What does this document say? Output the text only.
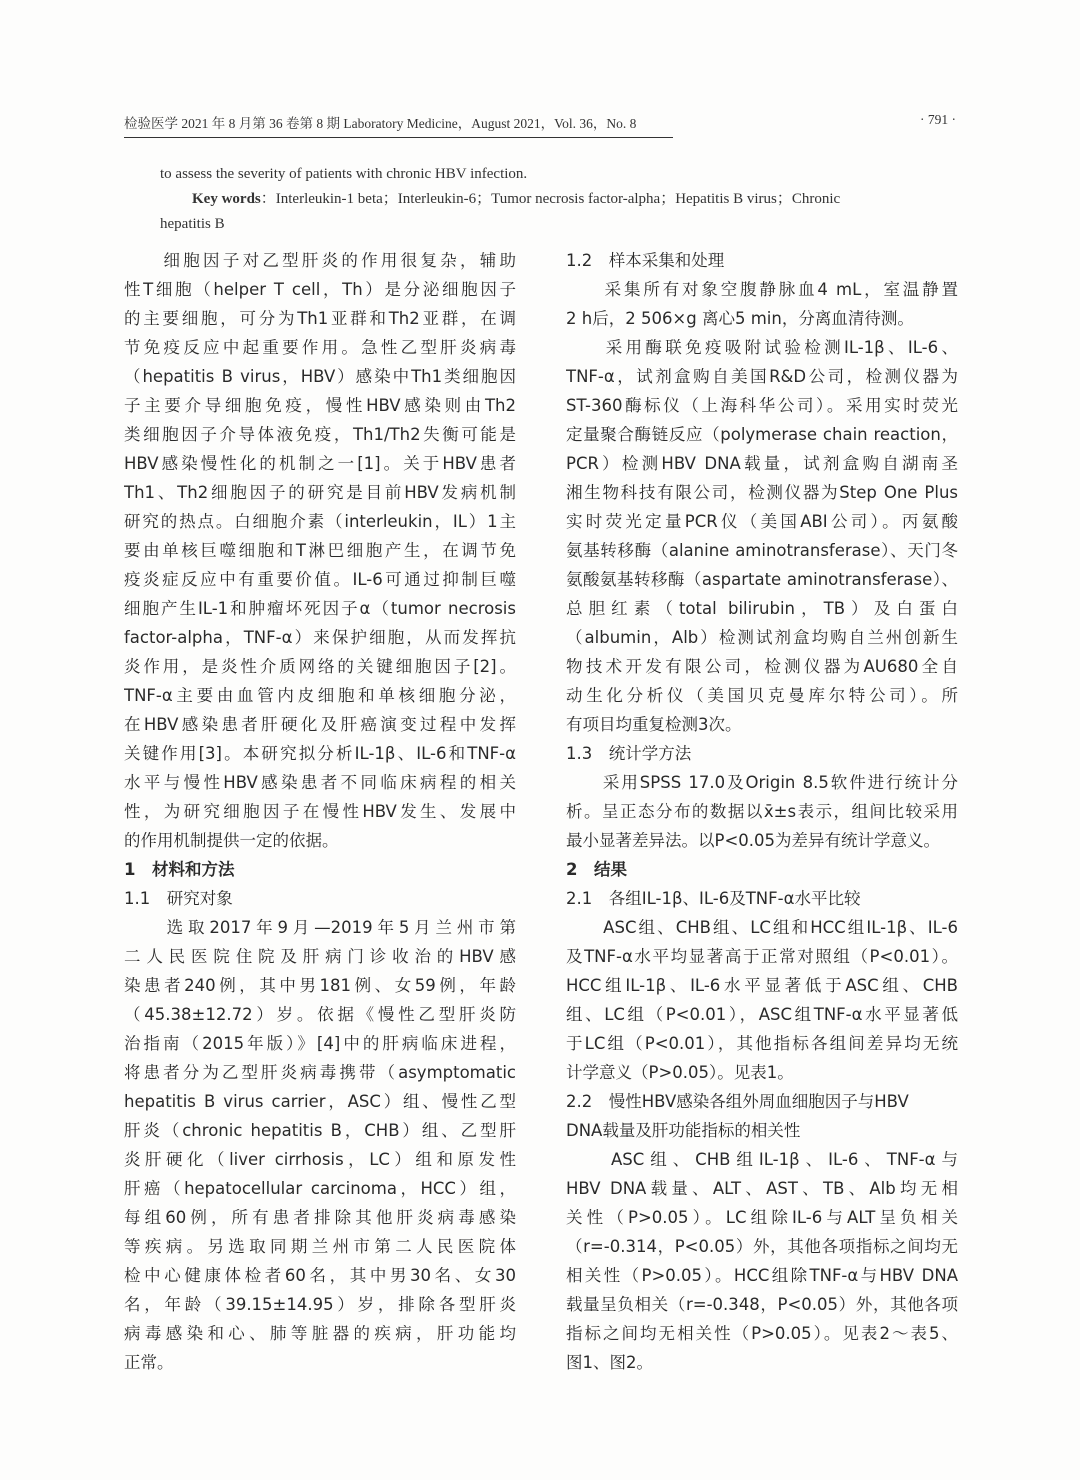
检验医学 2021 年 8 月第 36 卷第 8 期 Laboratory Medicine，August 2021，Vol. 36，No. 8	· 791 ·
to assess the severity of patients with chronic HBV infection.
Key words：Interleukin-1 beta；Interleukin-6；Tumor necrosis factor-alpha；Hepatitis B virus；Chronic
hepatitis B
　　细胞因子对乙型肝炎的作用很复杂，辅助
性T细胞（helper T cell，Th）是分泌细胞因子
的主要细胞，可分为Th1亚群和Th2亚群，在调
节免疫反应中起重要作用。急性乙型肝炎病毒
（hepatitis B virus，HBV）感染中Th1类细胞因
子主要介导细胞免疫，慢性HBV感染则由Th2
类细胞因子介导体液免疫，Th1/Th2失衡可能是
HBV感染慢性化的机制之一[1]。关于HBV患者
Th1、Th2细胞因子的研究是目前HBV发病机制
研究的热点。白细胞介素（interleukin，IL）1主
要由单核巨噬细胞和T淋巴细胞产生，在调节免
疫炎症反应中有重要价值。IL-6可通过抑制巨噬
细胞产生IL-1和肿瘤坏死因子α（tumor necrosis
factor-alpha，TNF-α）来保护细胞，从而发挥抗
炎作用，是炎性介质网络的关键细胞因子[2]。
TNF-α主要由血管内皮细胞和单核细胞分泌，
在HBV感染患者肝硬化及肝癌演变过程中发挥
关键作用[3]。本研究拟分析IL-1β、IL-6和TNF-α
水平与慢性HBV感染患者不同临床病程的相关
性，为研究细胞因子在慢性HBV发生、发展中
的作用机制提供一定的依据。
1　材料和方法
1.1　研究对象
　　选取2017年9月—2019年5月兰州市第
二人民医院住院及肝病门诊收治的HBV感
染患者240例，其中男181例、女59例，年龄
（45.38±12.72）岁。依据《慢性乙型肝炎防
治指南（2015年版）》[4]中的肝病临床进程，
将患者分为乙型肝炎病毒携带（asymptomatic
hepatitis B virus carrier，ASC）组、慢性乙型
肝炎（chronic hepatitis B，CHB）组、乙型肝
炎肝硬化（liver cirrhosis，LC）组和原发性
肝癌（hepatocellular carcinoma，HCC）组，
每组60例，所有患者排除其他肝炎病毒感染
等疾病。另选取同期兰州市第二人民医院体
检中心健康体检者60名，其中男30名、女30
名，年龄（39.15±14.95）岁，排除各型肝炎
病毒感染和心、肺等脏器的疾病，肝功能均
正常。
1.2　样本采集和处理
　　采集所有对象空腹静脉血4 mL，室温静置
2 h后，2 506×g 离心5 min，分离血清待测。
　　采用酶联免疫吸附试验检测IL-1β、IL-6、
TNF-α，试剂盒购自美国R&D公司，检测仪器为
ST-360酶标仪（上海科华公司）。采用实时荧光
定量聚合酶链反应（polymerase chain reaction，
PCR）检测HBV DNA载量，试剂盒购自湖南圣
湘生物科技有限公司，检测仪器为Step One Plus
实时荧光定量PCR仪（美国ABI公司）。丙氨酸
氨基转移酶（alanine aminotransferase）、天门冬
氨酸氨基转移酶（aspartate aminotransferase）、
总胆红素（total bilirubin，TB）及白蛋白
（albumin，Alb）检测试剂盒均购自兰州创新生
物技术开发有限公司，检测仪器为AU680全自
动生化分析仪（美国贝克曼库尔特公司）。所
有项目均重复检测3次。
1.3　统计学方法
　　采用SPSS 17.0及Origin 8.5软件进行统计分
析。呈正态分布的数据以x̄±s表示，组间比较采用
最小显著差异法。以P<0.05为差异有统计学意义。
2　结果
2.1　各组IL-1β、IL-6及TNF-α水平比较
　　ASC组、CHB组、LC组和HCC组IL-1β、IL-6
及TNF-α水平均显著高于正常对照组（P<0.01）。
HCC组IL-1β、IL-6水平显著低于ASC组、CHB
组、LC组（P<0.01），ASC组TNF-α水平显著低
于LC组（P<0.01），其他指标各组间差异均无统
计学意义（P>0.05）。见表1。
2.2　慢性HBV感染各组外周血细胞因子与HBV
DNA载量及肝功能指标的相关性
　　ASC组、CHB组IL-1β、IL-6、TNF-α与
HBV DNA载量、ALT、AST、TB、Alb均无相
关性（P>0.05）。LC组除IL-6与ALT呈负相关
（r=-0.314，P<0.05）外，其他各项指标之间均无
相关性（P>0.05）。HCC组除TNF-α与HBV DNA
载量呈负相关（r=-0.348，P<0.05）外，其他各项
指标之间均无相关性（P>0.05）。见表2～表5、
图1、图2。
